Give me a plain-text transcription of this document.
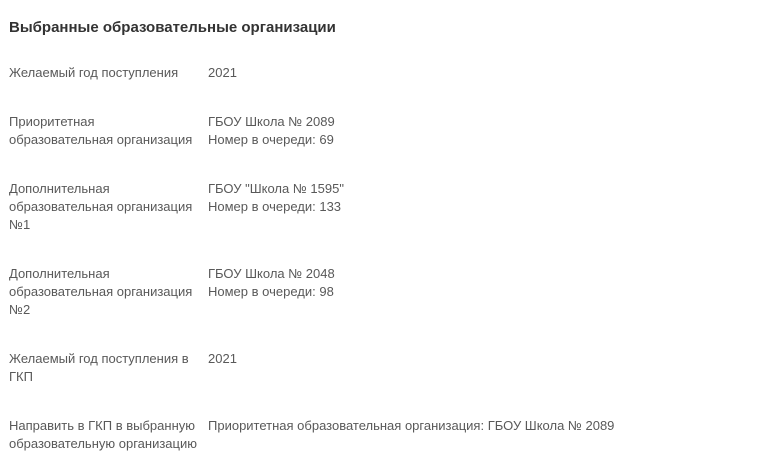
Выбранные образовательные организации
Желаемый год поступления	2021
Приоритетная образовательная организация
ГБОУ Школа № 2089
Номер в очереди: 69
Дополнительная образовательная организация №1
ГБОУ "Школа № 1595"
Номер в очереди: 133
Дополнительная образовательная организация №2
ГБОУ Школа № 2048
Номер в очереди: 98
Желаемый год поступления в ГКП
2021
Направить в ГКП в выбранную образовательную организацию
Приоритетная образовательная организация: ГБОУ Школа № 2089
